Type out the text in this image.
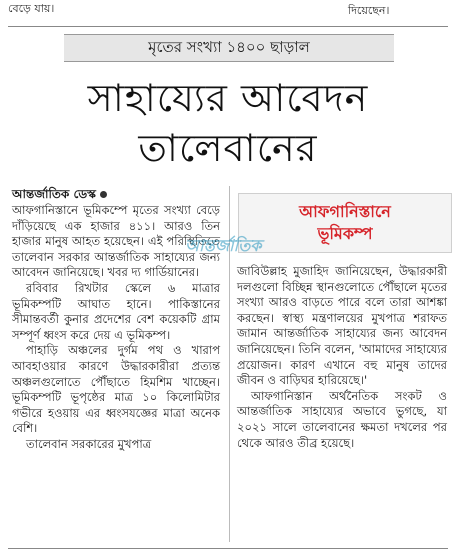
বেড়ে যায়।	দিয়েছেন।
মৃতের সংখ্যা ১৪০০ ছাড়াল
সাহায্যের আবেদন
তালেবানের
আন্তর্জাতিক ডেস্ক

আফগানিস্তানে ভূমিকম্পে মৃতের সংখ্যা বেড়ে দাঁড়িয়েছে এক হাজার ৪১১। আরও তিন হাজার মানুষ আহত হয়েছেন। এই পরিস্থিতিতে তালেবান সরকার আন্তর্জাতিক সাহায্যের জন্য আবেদন জানিয়েছে। খবর দ্য গার্ডিয়ানের।

রবিবার রিখটার স্কেলে ৬ মাত্রার ভূমিকম্পটি আঘাত হানে। পাকিস্তানের সীমান্তবর্তী কুনার প্রদেশের বেশ কয়েকটি গ্রাম সম্পূর্ণ ধ্বংস করে দেয় এ ভূমিকম্প।

পাহাড়ি অঞ্চলের দুর্গম পথ ও খারাপ আবহাওয়ার কারণে উদ্ধারকারীরা প্রত্যন্ত অঞ্চলগুলোতে পৌঁছাতে হিমশিম খাচ্ছেন। ভূমিকম্পটি ভূপৃষ্ঠের মাত্র ১০ কিলোমিটার গভীরে হওয়ায় এর ধ্বংসযজ্ঞের মাত্রা অনেক বেশি।

তালেবান সরকারের মুখপাত্র

আফগানিস্তানে
ভূমিকম্প

জাবিউল্লাহ মুজাহিদ জানিয়েছেন, উদ্ধারকারী দলগুলো বিচ্ছিন্ন স্থানগুলোতে পৌঁছালে মৃতের সংখ্যা আরও বাড়তে পারে বলে তারা আশঙ্কা করছেন। স্বাস্থ্য মন্ত্রণালয়ের মুখপাত্র শরাফত জামান আন্তর্জাতিক সাহায্যের জন্য আবেদন জানিয়েছেন। তিনি বলেন, 'আমাদের সাহায্যের প্রয়োজন। কারণ এখানে বহু মানুষ তাদের জীবন ও বাড়িঘর হারিয়েছে।'

আফগানিস্তান অর্থনৈতিক সংকট ও আন্তর্জাতিক সাহায্যের অভাবে ভুগছে, যা ২০২১ সালে তালেবানের ক্ষমতা দখলের পর থেকে আরও তীব্র হয়েছে।

আন্তর্জাতিক
